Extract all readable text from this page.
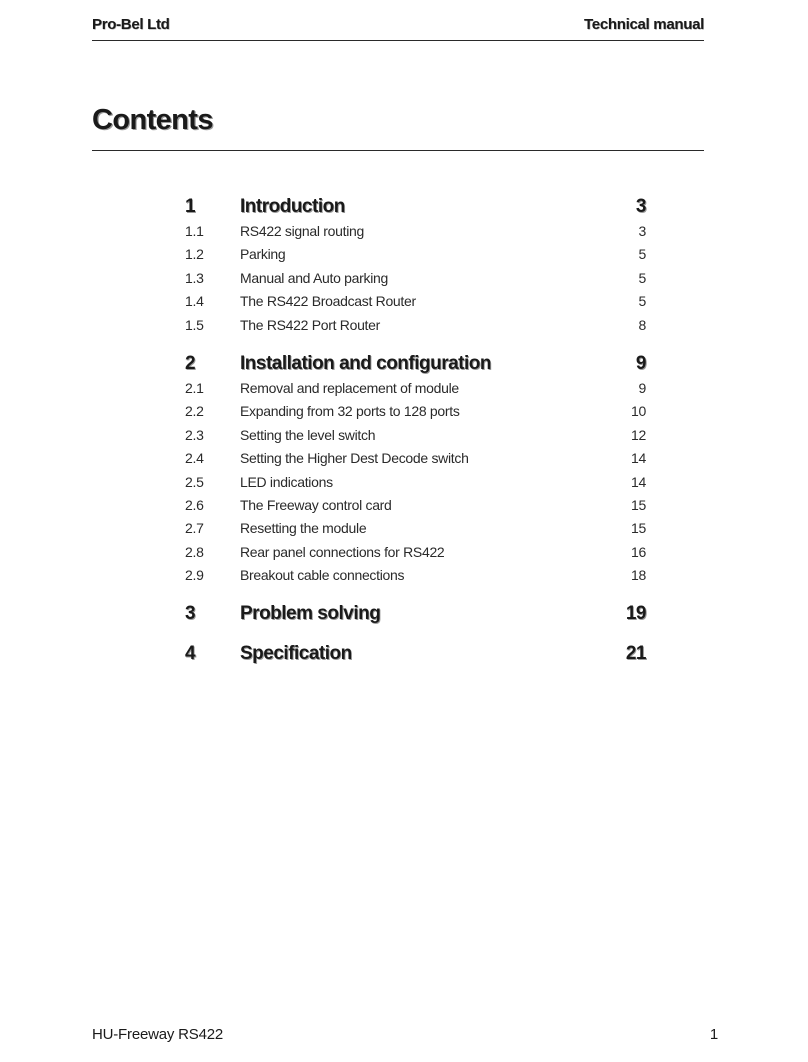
Pro-Bel Ltd	Technical manual
Contents
1	Introduction	3
1.1	RS422 signal routing	3
1.2	Parking	5
1.3	Manual and Auto parking	5
1.4	The RS422 Broadcast Router	5
1.5	The RS422 Port Router	8
2	Installation and configuration	9
2.1	Removal and replacement of module	9
2.2	Expanding from 32 ports to 128 ports	10
2.3	Setting the level switch	12
2.4	Setting the Higher Dest Decode switch	14
2.5	LED indications	14
2.6	The Freeway control card	15
2.7	Resetting the module	15
2.8	Rear panel connections for RS422	16
2.9	Breakout cable connections	18
3	Problem solving	19
4	Specification	21
HU-Freeway RS422	1
